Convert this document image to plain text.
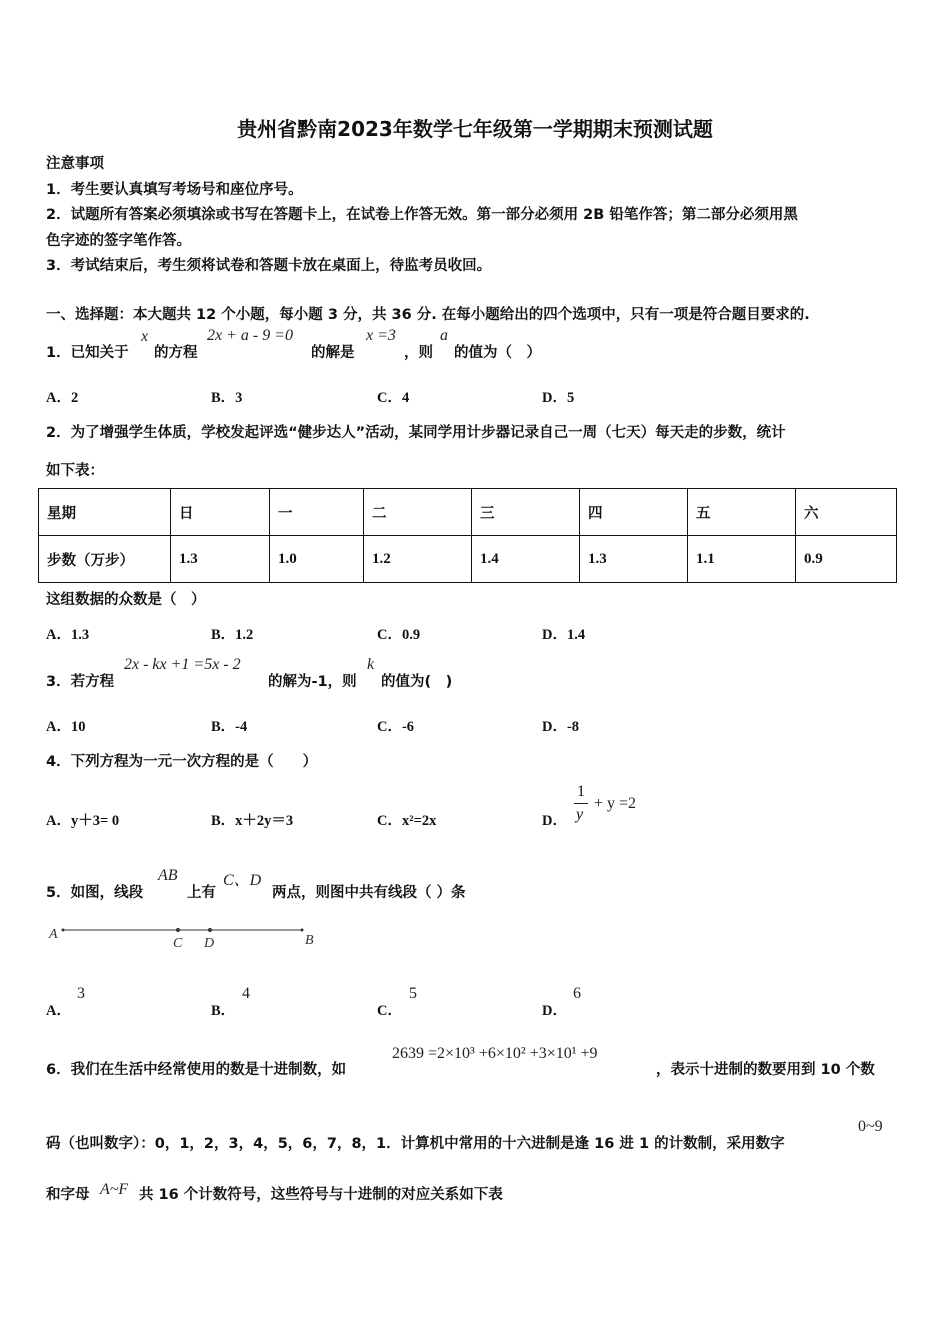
贵州省黔南2023年数学七年级第一学期期末预测试题
注意事项
1．考生要认真填写考场号和座位序号。
2．试题所有答案必须填涂或书写在答题卡上，在试卷上作答无效。第一部分必须用 2B 铅笔作答；第二部分必须用黑
色字迹的签字笔作答。
3．考试结束后，考生须将试卷和答题卡放在桌面上，待监考员收回。
一、选择题：本大题共 12 个小题，每小题 3 分，共 36 分. 在每小题给出的四个选项中，只有一项是符合题目要求的.
1．已知关于
x
的方程
2x + a - 9 =0
的解是
x =3
，则
a
的值为（　）
A．2	B．3	C．4	D．5
2．为了增强学生体质，学校发起评选“健步达人”活动，某同学用计步器记录自己一周（七天）每天走的步数，统计
如下表：
星期	日	一	二	三	四	五	六
步数（万步）	1.3	1.0	1.2	1.4	1.3	1.1	0.9
这组数据的众数是（　）
A．1.3	B．1.2	C．0.9	D．1.4
3．若方程
2x - kx +1 =5x - 2
的解为-1，则
k
的值为(　)
A．10	B．-4	C．-6	D．-8
4．下列方程为一元一次方程的是（　　）
A．y＋3= 0	B．x＋2y＝3	C．x²=2x	D．
1
y
+ y =2
5．如图，线段
AB
上有
C、D
两点，则图中共有线段（ ）条
A
C D	B
A．
3
B．
4
C．
5
D．
6
6．我们在生活中经常使用的数是十进制数，如
2639 =2×10³ +6×10² +3×10¹ +9
，表示十进制的数要用到 10 个数
码（也叫数字）：0，1，2，3，4，5，6，7，8，1．计算机中常用的十六进制是逢 16 进 1 的计数制，采用数字
0~9
和字母 A~F 共 16 个计数符号，这些符号与十进制的对应关系如下表
